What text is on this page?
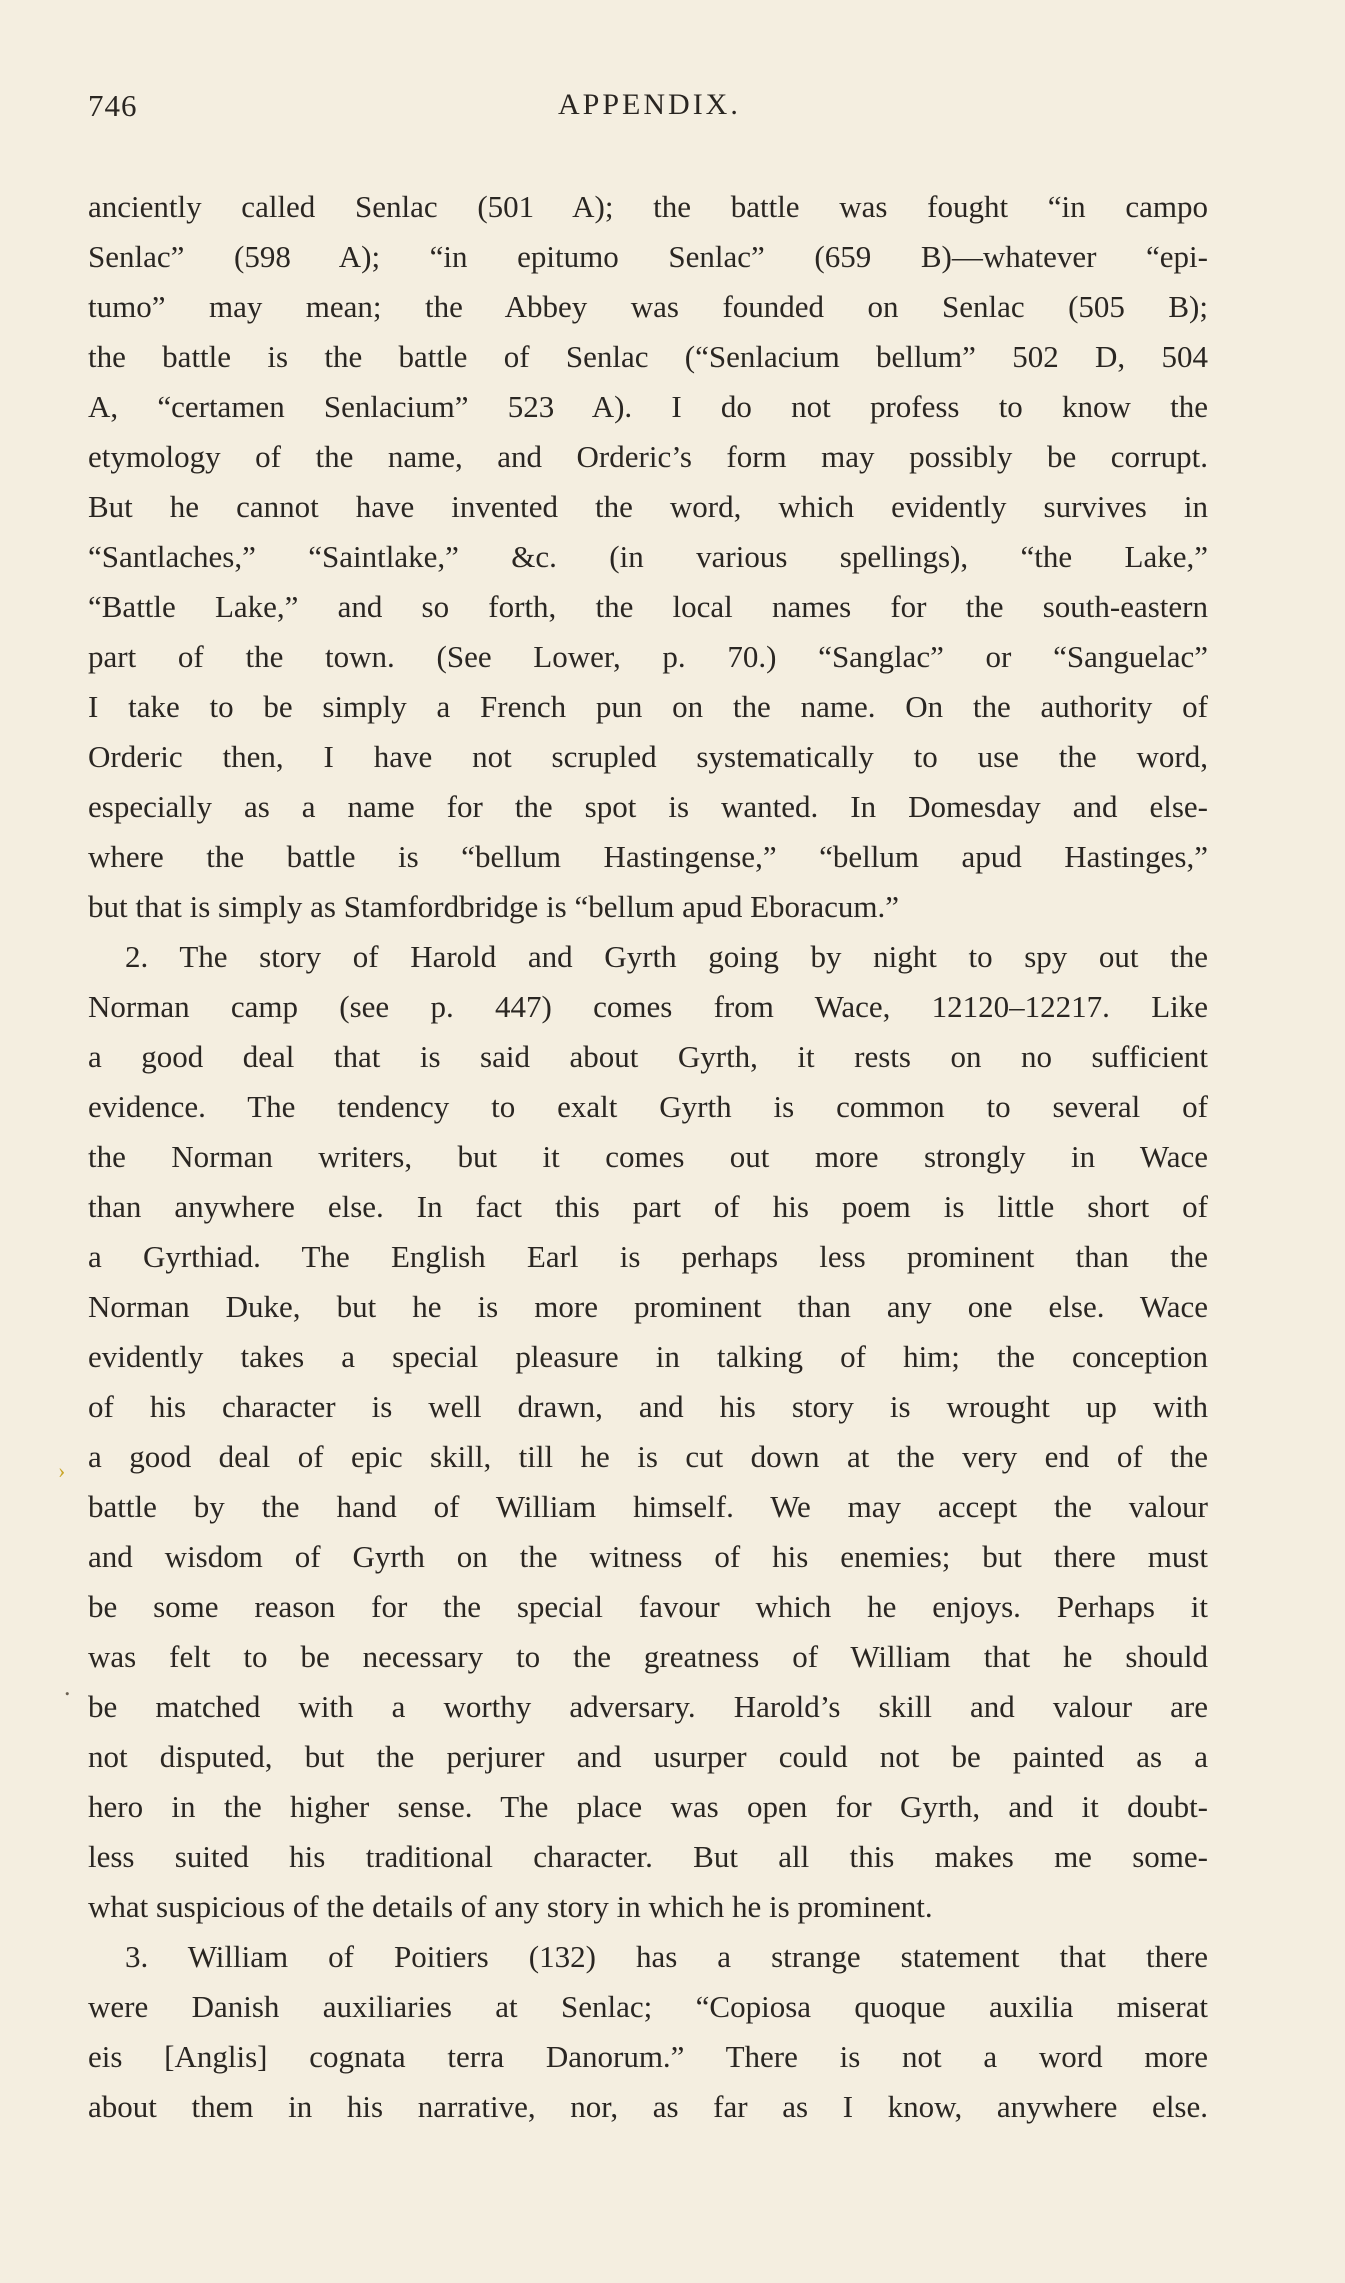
746	APPENDIX.
anciently called Senlac (501 A); the battle was fought “in campo
Senlac” (598 A); “in epitumo Senlac” (659 B)—whatever “epi-
tumo” may mean; the Abbey was founded on Senlac (505 B);
the battle is the battle of Senlac (“Senlacium bellum” 502 D, 504
A, “certamen Senlacium” 523 A). I do not profess to know the
etymology of the name, and Orderic’s form may possibly be corrupt.
But he cannot have invented the word, which evidently survives in
“Santlaches,” “Saintlake,” &c. (in various spellings), “the Lake,”
“Battle Lake,” and so forth, the local names for the south-eastern
part of the town. (See Lower, p. 70.) “Sanglac” or “Sanguelac”
I take to be simply a French pun on the name. On the authority of
Orderic then, I have not scrupled systematically to use the word,
especially as a name for the spot is wanted. In Domesday and else-
where the battle is “bellum Hastingense,” “bellum apud Hastinges,”
but that is simply as Stamfordbridge is “bellum apud Eboracum.”
2. The story of Harold and Gyrth going by night to spy out the
Norman camp (see p. 447) comes from Wace, 12120–12217. Like
a good deal that is said about Gyrth, it rests on no sufficient
evidence. The tendency to exalt Gyrth is common to several of
the Norman writers, but it comes out more strongly in Wace
than anywhere else. In fact this part of his poem is little short of
a Gyrthiad. The English Earl is perhaps less prominent than the
Norman Duke, but he is more prominent than any one else. Wace
evidently takes a special pleasure in talking of him; the conception
of his character is well drawn, and his story is wrought up with
a good deal of epic skill, till he is cut down at the very end of the
battle by the hand of William himself. We may accept the valour
and wisdom of Gyrth on the witness of his enemies; but there must
be some reason for the special favour which he enjoys. Perhaps it
was felt to be necessary to the greatness of William that he should
be matched with a worthy adversary. Harold’s skill and valour are
not disputed, but the perjurer and usurper could not be painted as a
hero in the higher sense. The place was open for Gyrth, and it doubt-
less suited his traditional character. But all this makes me some-
what suspicious of the details of any story in which he is prominent.
3. William of Poitiers (132) has a strange statement that there
were Danish auxiliaries at Senlac; “Copiosa quoque auxilia miserat
eis [Anglis] cognata terra Danorum.” There is not a word more
about them in his narrative, nor, as far as I know, anywhere else.
.
›
